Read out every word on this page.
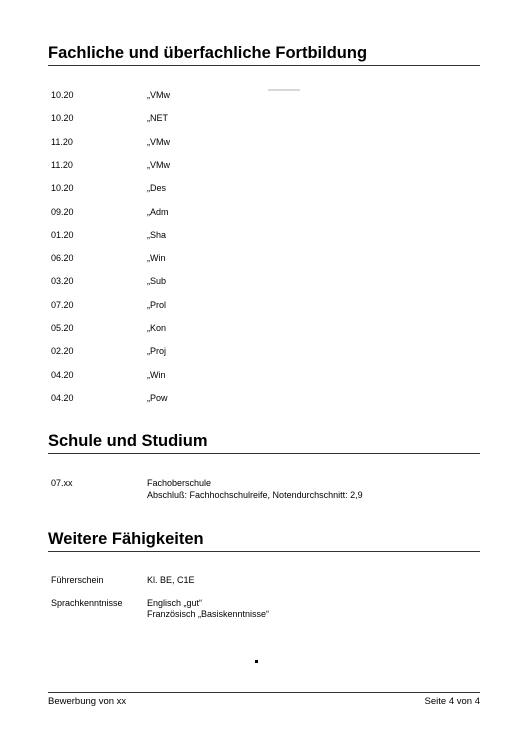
Fachliche und überfachliche Fortbildung
10.20	„VMw
10.20	„NET
11.20	„VMw
11.20	„VMw
10.20	„Des
09.20	„Adm
01.20	„Sha
06.20	„Win
03.20	„Sub
07.20	„Prol
05.20	„Kon
02.20	„Proj
04.20	„Win
04.20	„Pow
Schule und Studium
07.xx	Fachoberschule
Abschluß: Fachhochschulreife, Notendurchschnitt: 2,9
Weitere Fähigkeiten
Führerschein	Kl. BE, C1E
Sprachkenntnisse	Englisch „gut“
Französisch „Basiskenntnisse“
Bewerbung von xx	Seite 4 von 4
